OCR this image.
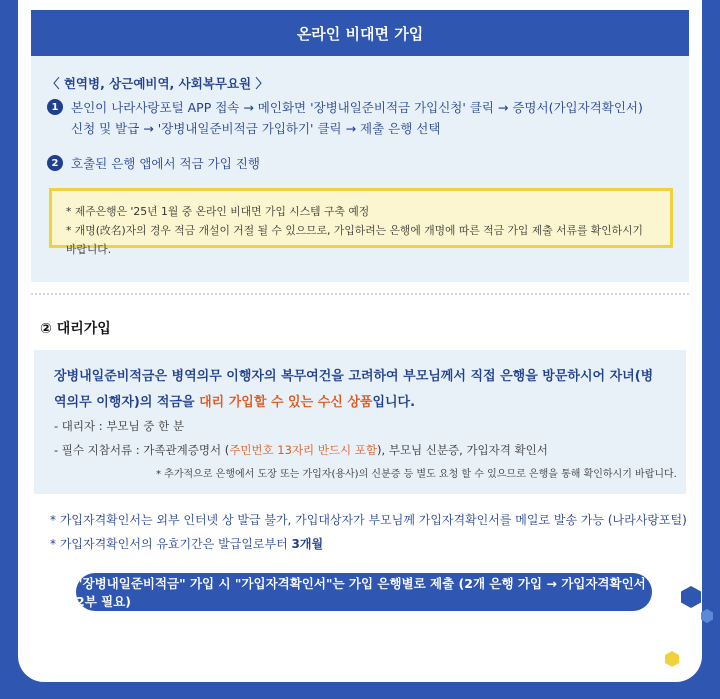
온라인 비대면 가입
〈 현역병, 상근예비역, 사회복무요원 〉
1	본인이 나라사랑포털 APP 접속 → 메인화면 '장병내일준비적금 가입신청' 클릭 → 증명서(가입자격확인서) 신청 및 발급 → '장병내일준비적금 가입하기' 클릭 → 제출 은행 선택
2	호출된 은행 앱에서 적금 가입 진행
* 제주은행은 '25년 1월 중 온라인 비대면 가입 시스템 구축 예정
* 개명(改名)자의 경우 적금 개설이 거절 될 수 있으므로, 가입하려는 은행에 개명에 따른 적금 가입 제출 서류를 확인하시기 바랍니다.
② 대리가입
장병내일준비적금은 병역의무 이행자의 복무여건을 고려하여 부모님께서 직접 은행을 방문하시어 자녀(병역의무 이행자)의 적금을 대리 가입할 수 있는 수신 상품입니다.
- 대리자 : 부모님 중 한 분
- 필수 지참서류 : 가족관계증명서 (주민번호 13자리 반드시 포함), 부모님 신분증, 가입자격 확인서
* 추가적으로 은행에서 도장 또는 가입자(용사)의 신분증 등 별도 요청 할 수 있으므로 은행을 통해 확인하시기 바랍니다.
* 가입자격확인서는 외부 인터넷 상 발급 불가, 가입대상자가 부모님께 가입자격확인서를 메일로 발송 가능 (나라사랑포털)
* 가입자격확인서의 유효기간은 발급일로부터 3개월
"장병내일준비적금" 가입 시 "가입자격확인서"는 가입 은행별로 제출 (2개 은행 가입 → 가입자격확인서 2부 필요)
